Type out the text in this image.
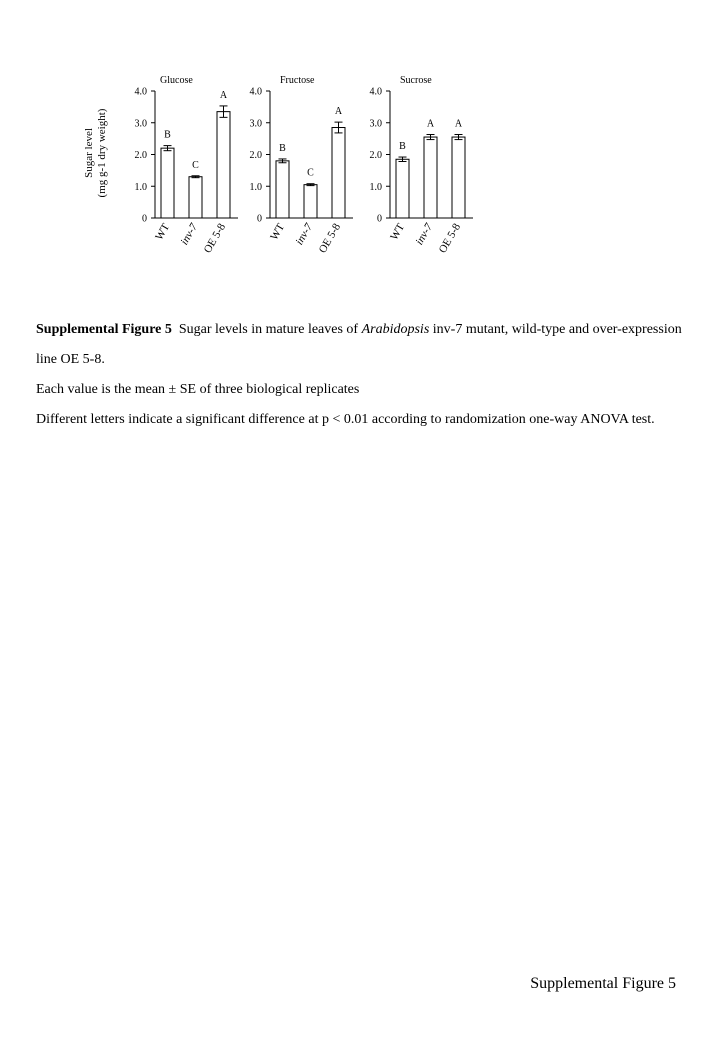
Sugar level (mg g-1 dry weight)
Glucose
0
1.0
2.0
3.0
4.0
B
WT
C
inv-7
A
OE 5-8
Fructose
0
1.0
2.0
3.0
4.0
B
WT
C
inv-7
A
OE 5-8
Sucrose
0
1.0
2.0
3.0
4.0
B
WT
A
inv-7
A
OE 5-8

Supplemental Figure 5 Sugar levels in mature leaves of Arabidopsis inv-7 mutant, wild-type and over-expression line OE 5-8.

Each value is the mean ± SE of three biological replicates

Different letters indicate a significant difference at p < 0.01 according to randomization one-way ANOVA test.

Supplemental Figure 5
